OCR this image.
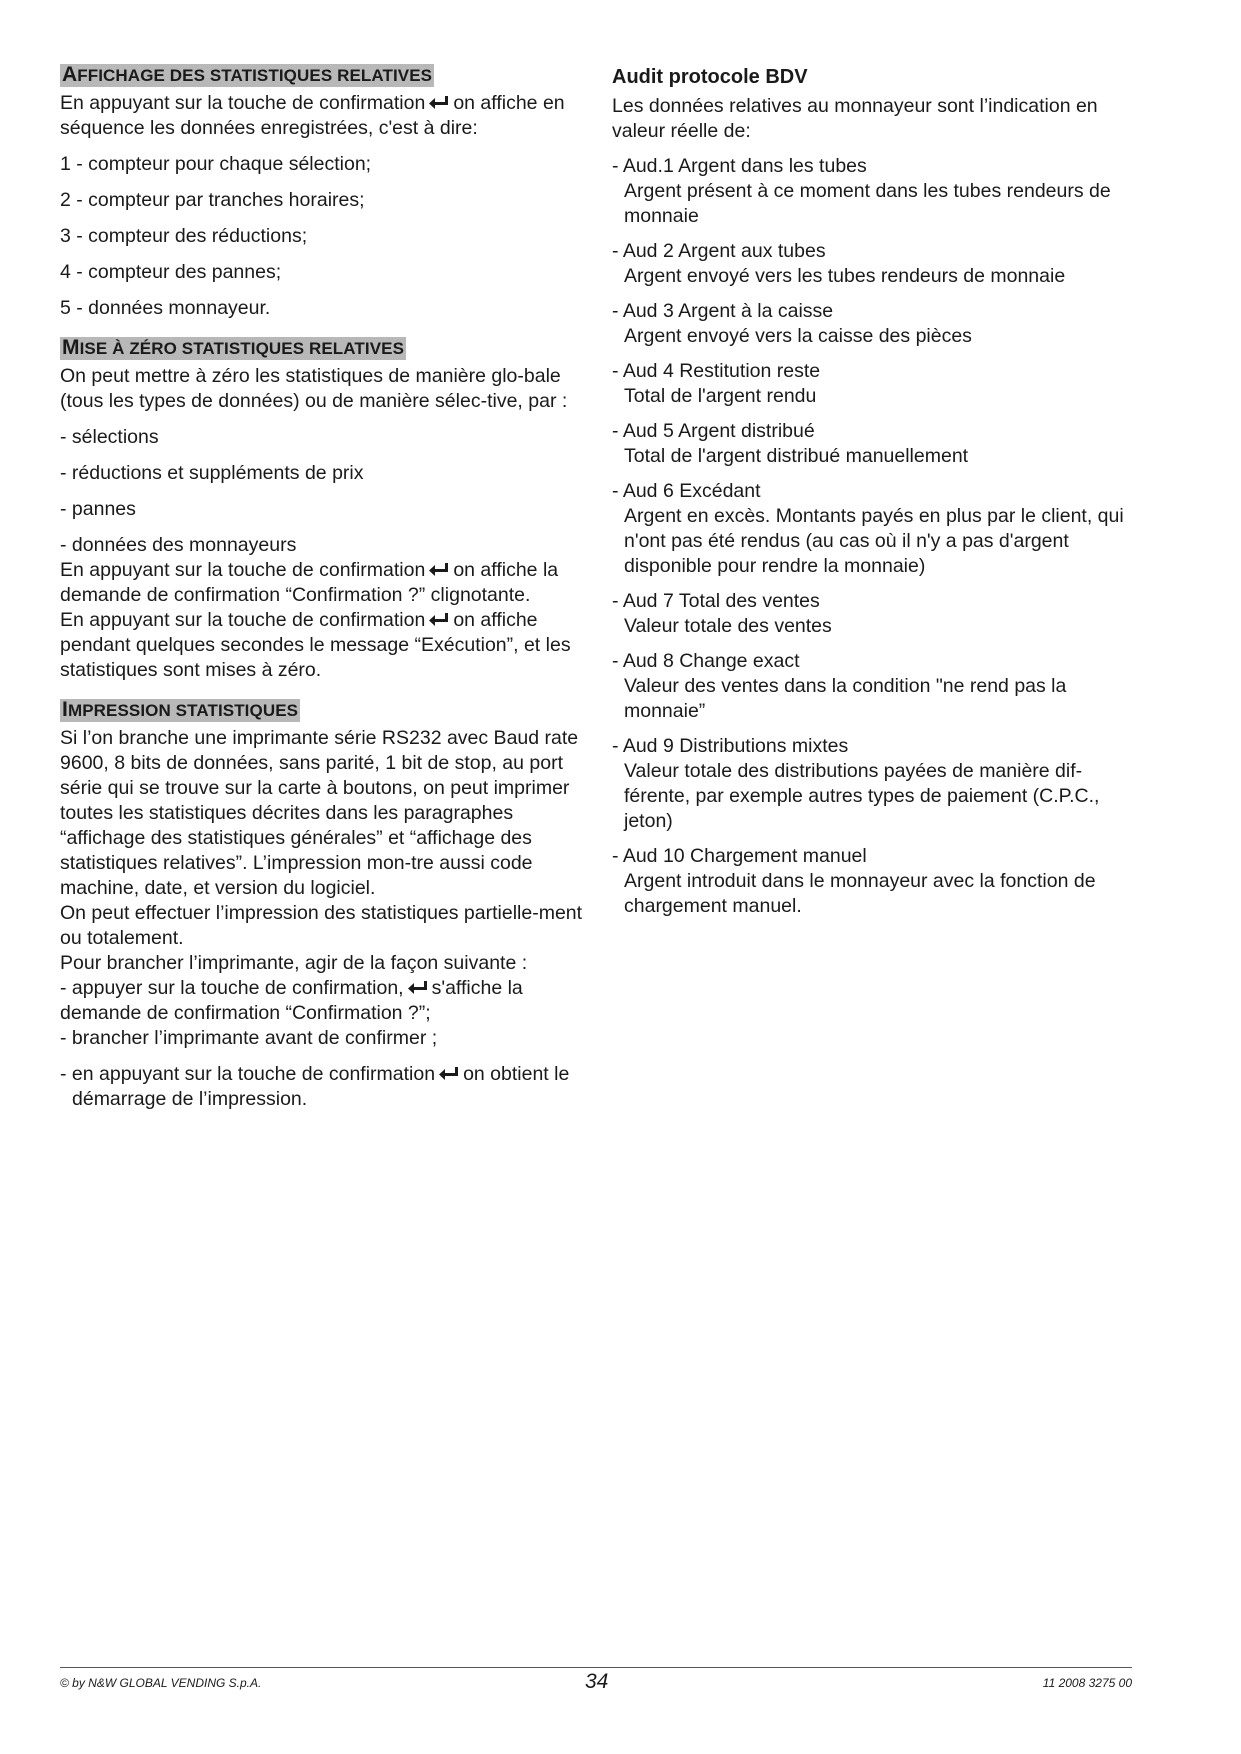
AFFICHAGE DES STATISTIQUES RELATIVES

En appuyant sur la touche de confirmation on affiche en séquence les données enregistrées, c'est à dire:

1 - compteur pour chaque sélection;

2 - compteur par tranches horaires;

3 - compteur des réductions;

4 - compteur des pannes;

5 - données monnayeur.

MISE À ZÉRO STATISTIQUES RELATIVES

On peut mettre à zéro les statistiques de manière glo-bale (tous les types de données) ou de manière sélec-tive, par :

- sélections

- réductions et suppléments de prix

- pannes

- données des monnayeurs

En appuyant sur la touche de confirmation on affiche la demande de confirmation “Confirmation ?” clignotante.

En appuyant sur la touche de confirmation on affiche pendant quelques secondes le message “Exécution”, et les statistiques sont mises à zéro.

IMPRESSION STATISTIQUES

Si l’on branche une imprimante série RS232 avec Baud rate 9600, 8 bits de données, sans parité, 1 bit de stop, au port série qui se trouve sur la carte à boutons, on peut imprimer toutes les statistiques décrites dans les paragraphes “affichage des statistiques générales” et “affichage des statistiques relatives”. L’impression mon-tre aussi code machine, date, et version du logiciel.

On peut effectuer l’impression des statistiques partielle-ment ou totalement.

Pour brancher l’imprimante, agir de la façon suivante :

- appuyer sur la touche de confirmation, s'affiche la demande de confirmation “Confirmation ?”;

- brancher l’imprimante avant de confirmer ;

- en appuyant sur la touche de confirmation on obtient le démarrage de l’impression.

Audit protocole BDV

Les données relatives au monnayeur sont l’indication en valeur réelle de:

- Aud.1 Argent dans les tubes
Argent présent à ce moment dans les tubes rendeurs de monnaie
- Aud 2 Argent aux tubes
Argent envoyé vers les tubes rendeurs de monnaie
- Aud 3 Argent à la caisse
Argent envoyé vers la caisse des pièces
- Aud 4 Restitution reste
Total de l'argent rendu
- Aud 5 Argent distribué
Total de l'argent distribué manuellement
- Aud 6 Excédant
Argent en excès. Montants payés en plus par le client, qui n'ont pas été rendus (au cas où il n'y a pas d'argent disponible pour rendre la monnaie)
- Aud 7 Total des ventes
Valeur totale des ventes
- Aud 8 Change exact
Valeur des ventes dans la condition "ne rend pas la monnaie”
- Aud 9 Distributions mixtes
Valeur totale des distributions payées de manière dif-férente, par exemple autres types de paiement (C.P.C., jeton)
- Aud 10 Chargement manuel
Argent introduit dans le monnayeur avec la fonction de chargement manuel.
© by N&W GLOBAL VENDING S.p.A.	34	11 2008 3275 00
